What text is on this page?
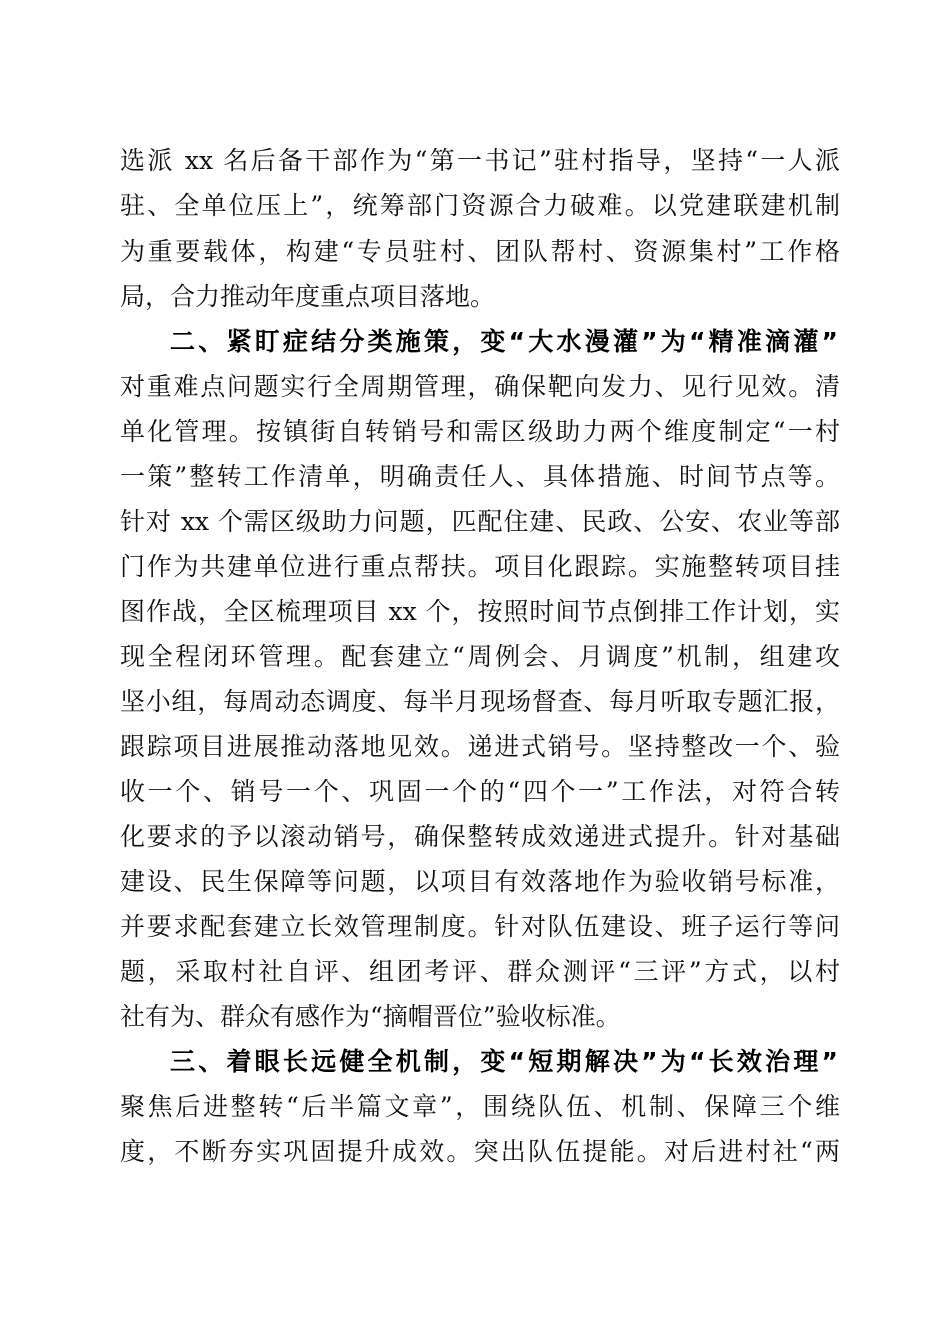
选派 xx 名后备干部作为“第一书记”驻村指导，坚持“一人派
驻、全单位压上”，统筹部门资源合力破难。以党建联建机制
为重要载体，构建“专员驻村、团队帮村、资源集村”工作格
局，合力推动年度重点项目落地。
二、紧盯症结分类施策，变“大水漫灌”为“精准滴灌”
对重难点问题实行全周期管理，确保靶向发力、见行见效。清
单化管理。按镇街自转销号和需区级助力两个维度制定“一村
一策”整转工作清单，明确责任人、具体措施、时间节点等。
针对 xx 个需区级助力问题，匹配住建、民政、公安、农业等部
门作为共建单位进行重点帮扶。项目化跟踪。实施整转项目挂
图作战，全区梳理项目 xx 个，按照时间节点倒排工作计划，实
现全程闭环管理。配套建立“周例会、月调度”机制，组建攻
坚小组，每周动态调度、每半月现场督查、每月听取专题汇报，
跟踪项目进展推动落地见效。递进式销号。坚持整改一个、验
收一个、销号一个、巩固一个的“四个一”工作法，对符合转
化要求的予以滚动销号，确保整转成效递进式提升。针对基础
建设、民生保障等问题，以项目有效落地作为验收销号标准，
并要求配套建立长效管理制度。针对队伍建设、班子运行等问
题，采取村社自评、组团考评、群众测评“三评”方式，以村
社有为、群众有感作为“摘帽晋位”验收标准。
三、着眼长远健全机制，变“短期解决”为“长效治理”
聚焦后进整转“后半篇文章”，围绕队伍、机制、保障三个维
度，不断夯实巩固提升成效。突出队伍提能。对后进村社“两
